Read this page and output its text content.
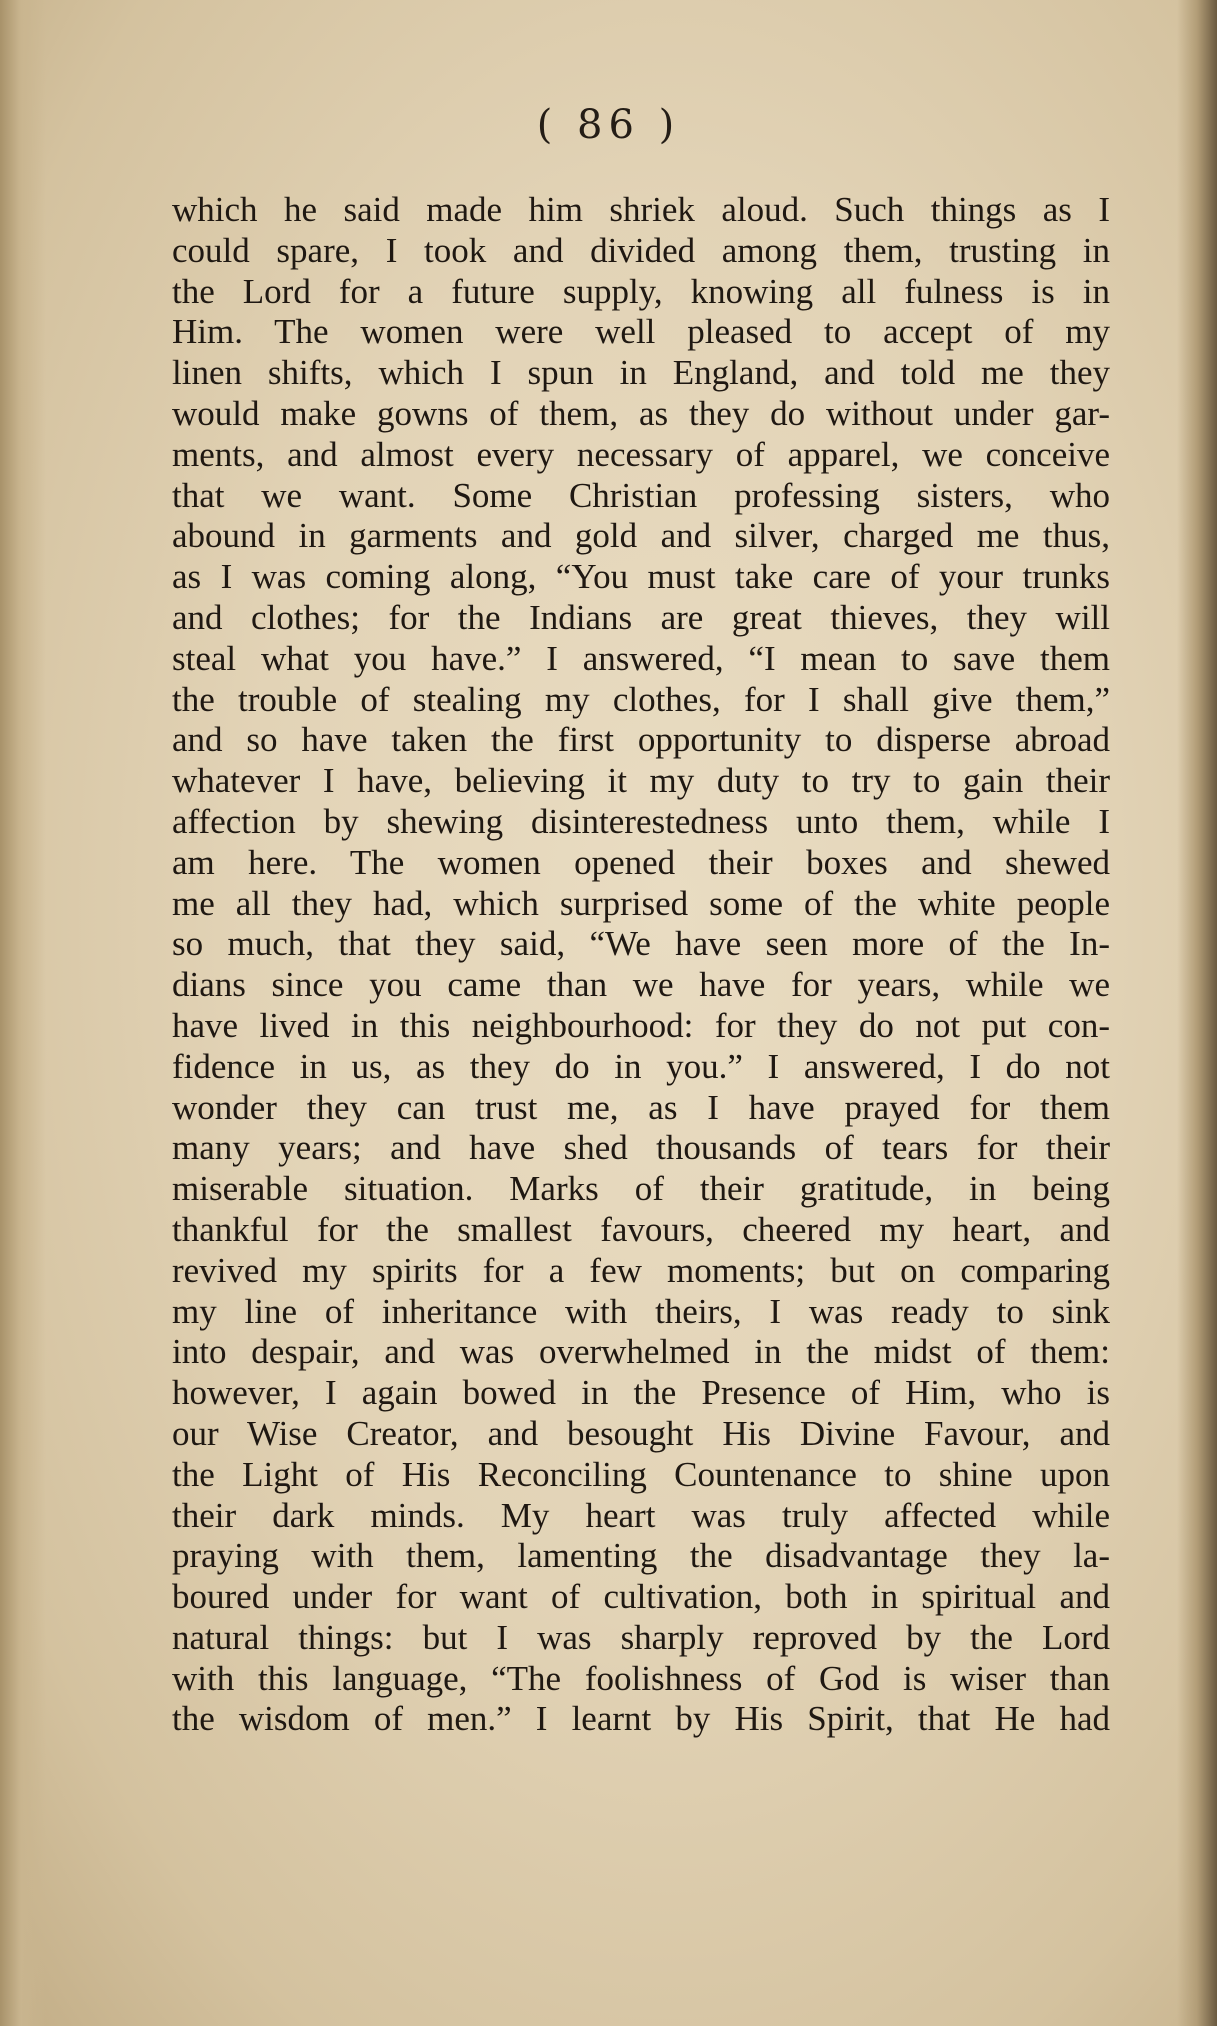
( 86 )
which he said made him shriek aloud. Such things as I
could spare, I took and divided among them, trusting in
the Lord for a future supply, knowing all fulness is in
Him. The women were well pleased to accept of my
linen shifts, which I spun in England, and told me they
would make gowns of them, as they do without under gar-
ments, and almost every necessary of apparel, we conceive
that we want. Some Christian professing sisters, who
abound in garments and gold and silver, charged me thus,
as I was coming along, “You must take care of your trunks
and clothes; for the Indians are great thieves, they will
steal what you have.” I answered, “I mean to save them
the trouble of stealing my clothes, for I shall give them,”
and so have taken the first opportunity to disperse abroad
whatever I have, believing it my duty to try to gain their
affection by shewing disinterestedness unto them, while I
am here. The women opened their boxes and shewed
me all they had, which surprised some of the white people
so much, that they said, “We have seen more of the In-
dians since you came than we have for years, while we
have lived in this neighbourhood: for they do not put con-
fidence in us, as they do in you.” I answered, I do not
wonder they can trust me, as I have prayed for them
many years; and have shed thousands of tears for their
miserable situation. Marks of their gratitude, in being
thankful for the smallest favours, cheered my heart, and
revived my spirits for a few moments; but on comparing
my line of inheritance with theirs, I was ready to sink
into despair, and was overwhelmed in the midst of them:
however, I again bowed in the Presence of Him, who is
our Wise Creator, and besought His Divine Favour, and
the Light of His Reconciling Countenance to shine upon
their dark minds. My heart was truly affected while
praying with them, lamenting the disadvantage they la-
boured under for want of cultivation, both in spiritual and
natural things: but I was sharply reproved by the Lord
with this language, “The foolishness of God is wiser than
the wisdom of men.” I learnt by His Spirit, that He had
